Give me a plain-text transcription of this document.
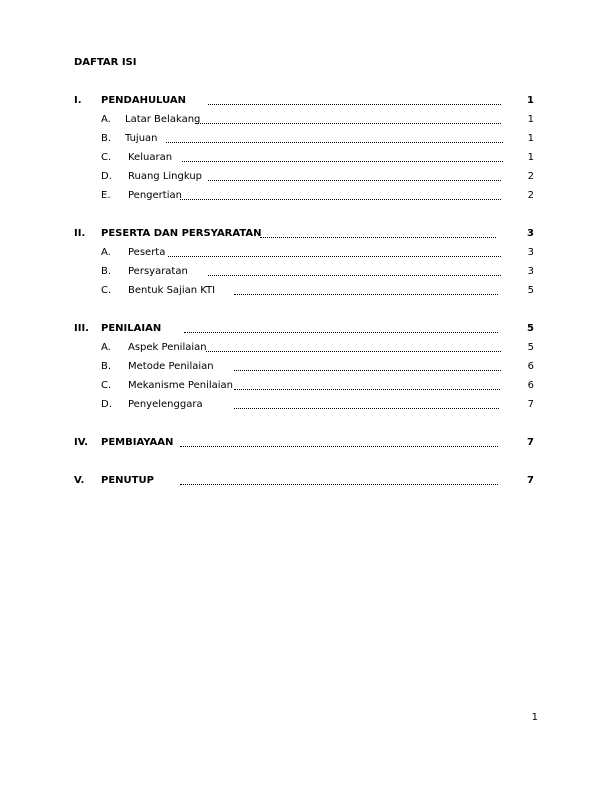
DAFTAR ISI
I. PENDAHULUAN	1
A. Latar Belakang	1
B. Tujuan	1
C. Keluaran	1
D. Ruang Lingkup	2
E. Pengertian	2
II. PESERTA DAN PERSYARATAN	3
A. Peserta	3
B. Persyaratan	3
C. Bentuk Sajian KTI	5
III. PENILAIAN	5
A. Aspek Penilaian	5
B. Metode Penilaian	6
C. Mekanisme Penilaian	6
D. Penyelenggara	7
IV. PEMBIAYAAN	7
V. PENUTUP	7
1
